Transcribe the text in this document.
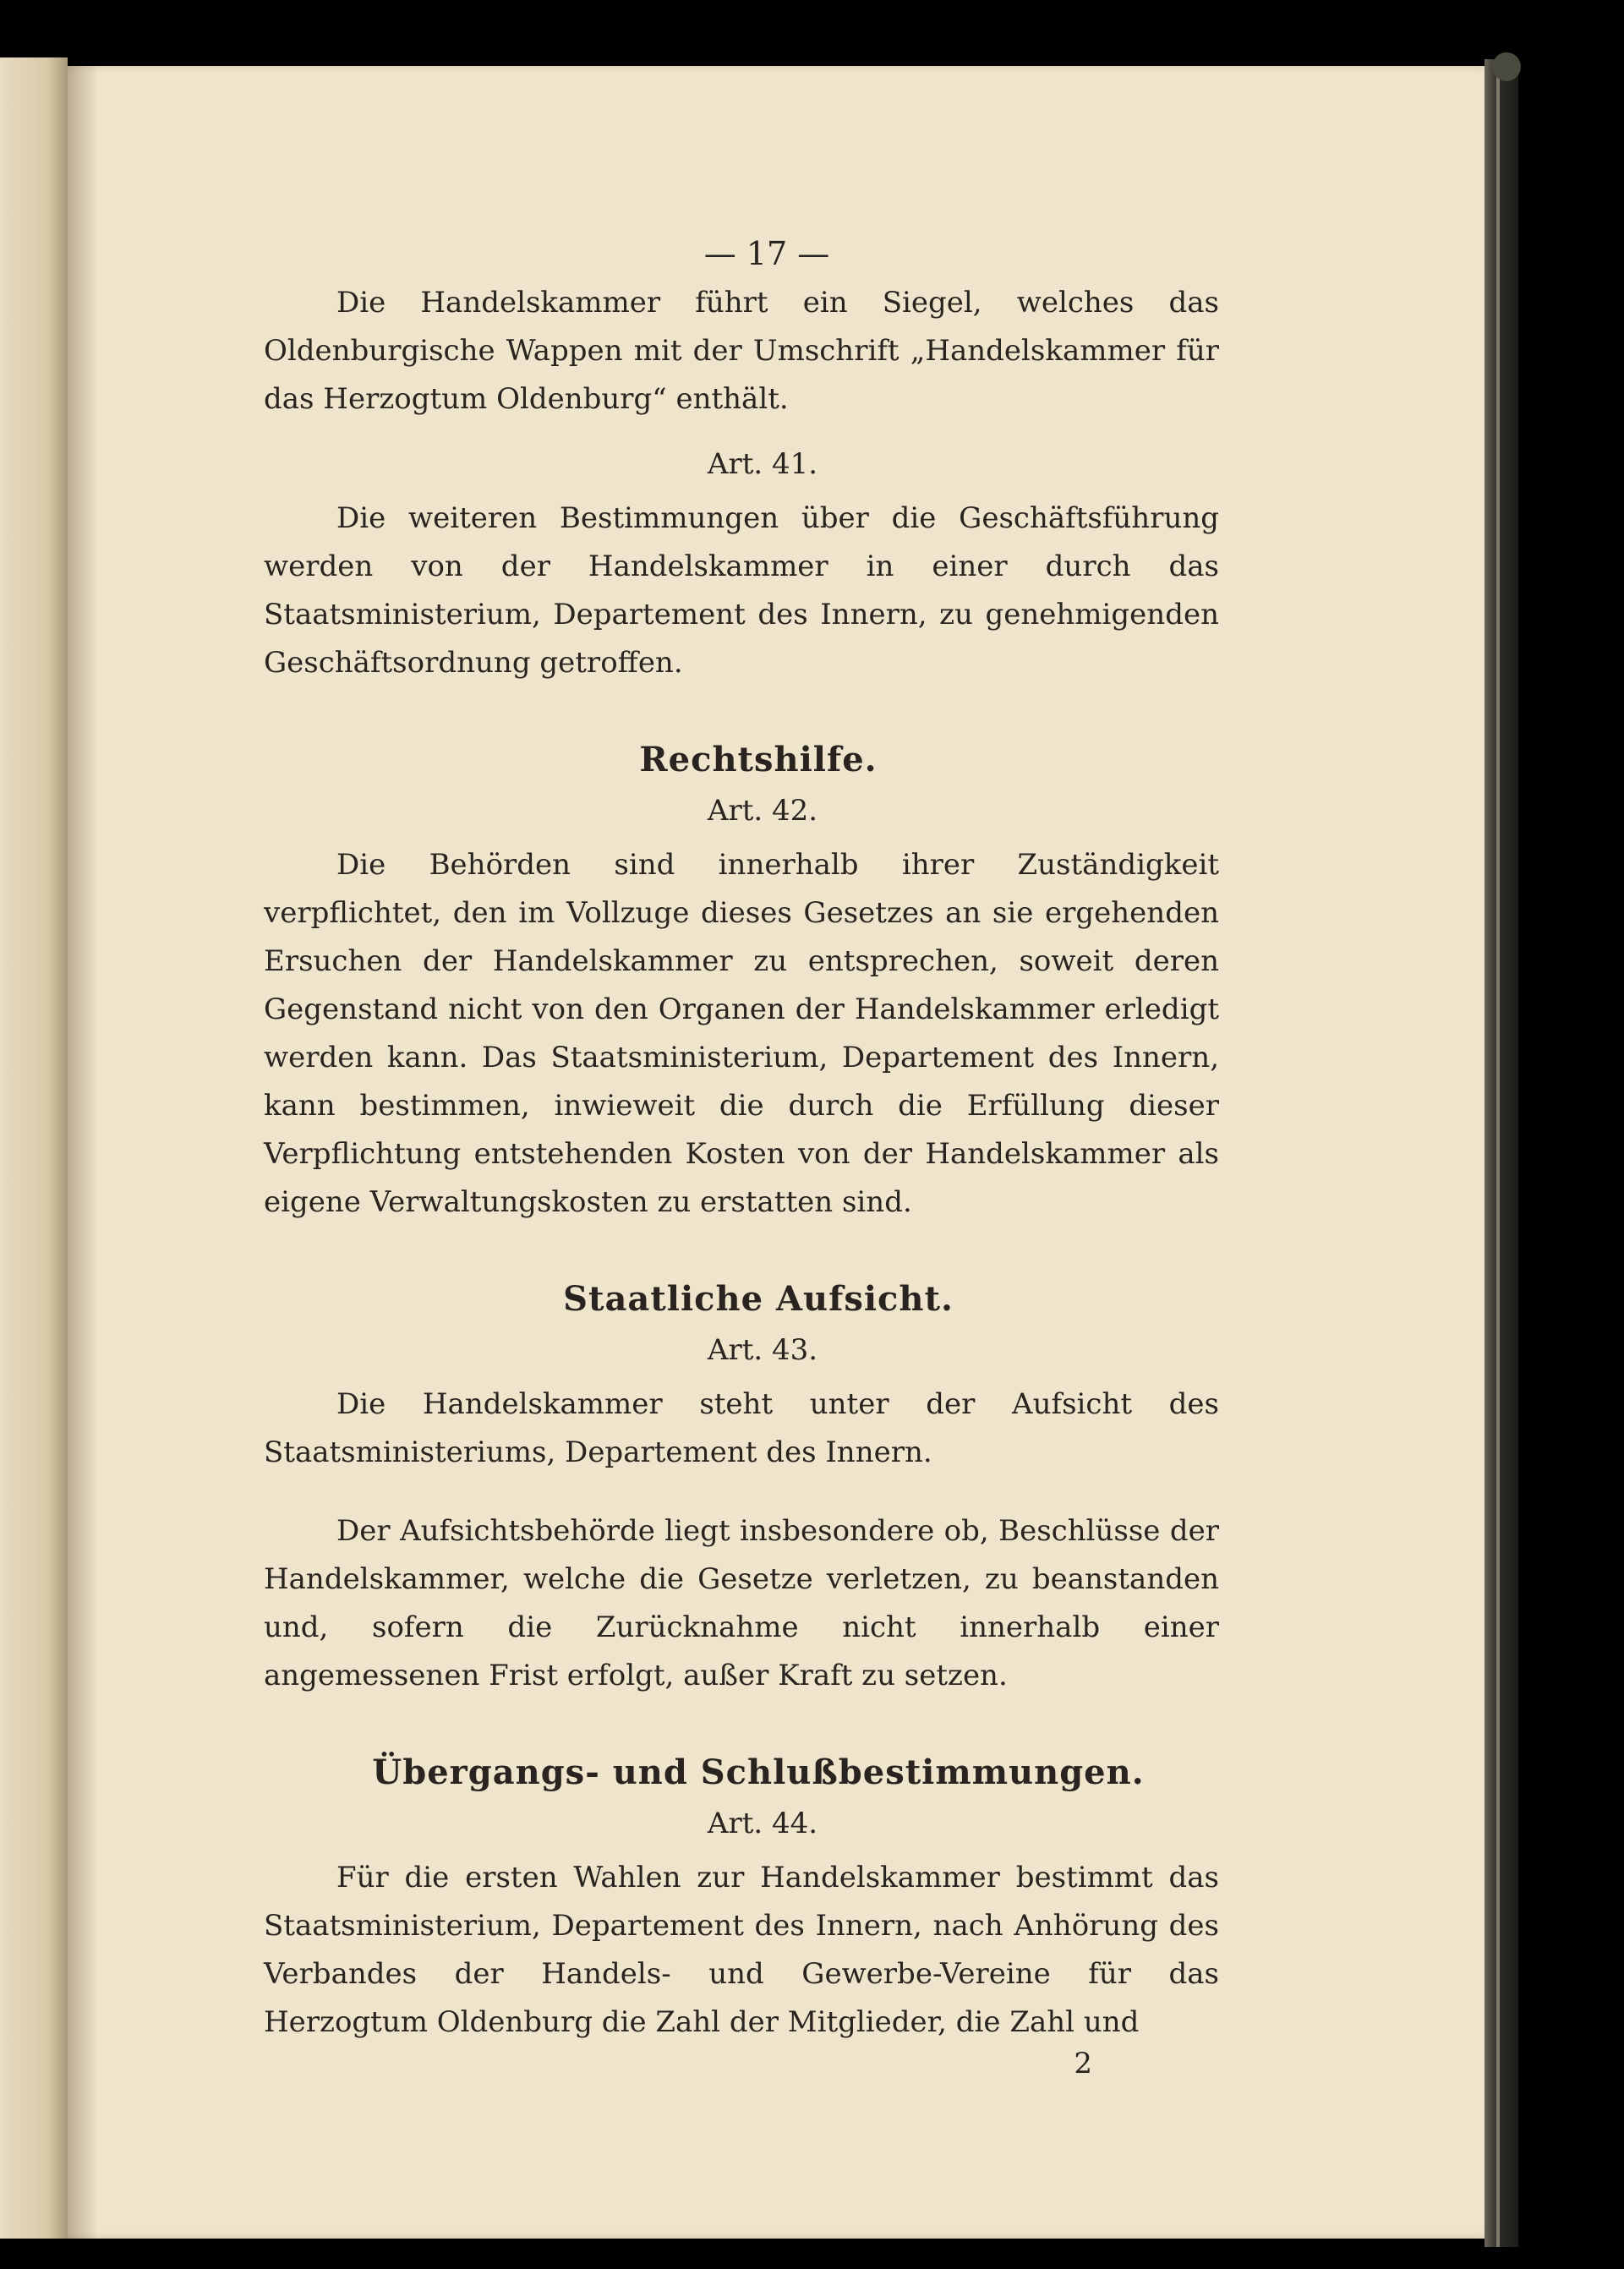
— 17 —

Die Handelskammer führt ein Siegel, welches das Oldenburgische Wappen mit der Umschrift „Handelskammer für das Herzogtum Oldenburg“ enthält.

Art. 41.

Die weiteren Bestimmungen über die Geschäftsführung werden von der Handelskammer in einer durch das Staatsministerium, Departement des Innern, zu genehmigenden Geschäftsordnung getroffen.

Rechtshilfe.
Art. 42.

Die Behörden sind innerhalb ihrer Zuständigkeit verpflichtet, den im Vollzuge dieses Gesetzes an sie ergehenden Ersuchen der Handelskammer zu entsprechen, soweit deren Gegenstand nicht von den Organen der Handelskammer erledigt werden kann. Das Staatsministerium, Departement des Innern, kann bestimmen, inwieweit die durch die Erfüllung dieser Verpflichtung entstehenden Kosten von der Handelskammer als eigene Verwaltungskosten zu erstatten sind.

Staatliche Aufsicht.
Art. 43.

Die Handelskammer steht unter der Aufsicht des Staatsministeriums, Departement des Innern.

Der Aufsichtsbehörde liegt insbesondere ob, Beschlüsse der Handelskammer, welche die Gesetze verletzen, zu beanstanden und, sofern die Zurücknahme nicht innerhalb einer angemessenen Frist erfolgt, außer Kraft zu setzen.

Übergangs- und Schlußbestimmungen.
Art. 44.

Für die ersten Wahlen zur Handelskammer bestimmt das Staatsministerium, Departement des Innern, nach Anhörung des Verbandes der Handels- und Gewerbe-Vereine für das Herzogtum Oldenburg die Zahl der Mitglieder, die Zahl und

2
